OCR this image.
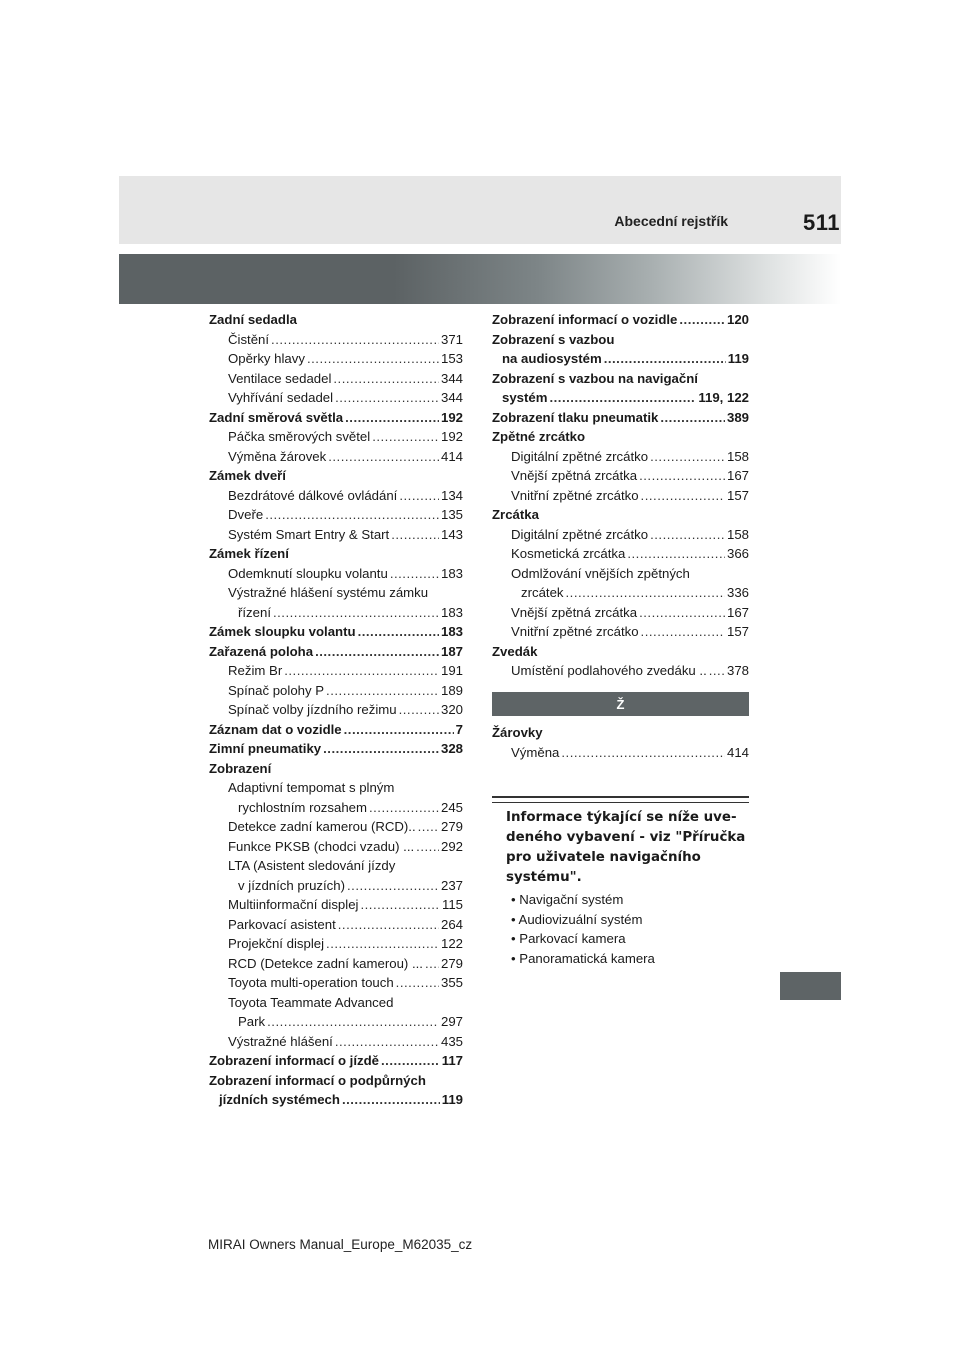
Abecední rejstřík	511
Zadní sedadla
Čistění .....	371
Opěrky hlavy .....	153
Ventilace sedadel .....	344
Vyhřívání sedadel .....	344
Zadní směrová světla .....	192
Páčka směrových světel .....	192
Výměna žárovek .....	414
Zámek dveří
Bezdrátové dálkové ovládání .....	134
Dveře .....	135
Systém Smart Entry & Start .....	143
Zámek řízení
Odemknutí sloupku volantu .....	183
Výstražné hlášení systému zámku
řízení .....	183
Zámek sloupku volantu .....	183
Zařazená poloha .....	187
Režim Br .....	191
Spínač polohy P .....	189
Spínač volby jízdního režimu .....	320
Záznam dat o vozidle .....	7
Zimní pneumatiky .....	328
Zobrazení
Adaptivní tempomat s plným
rychlostním rozsahem .....	245
Detekce zadní kamerou (RCD).. ..... 279
Funkce PKSB (chodci vzadu) ... ..... 292
LTA (Asistent sledování jízdy
v jízdních pruzích) .....	237
Multiinformační displej .....	115
Parkovací asistent .....	264
Projekční displej .....	122
RCD (Detekce zadní kamerou) ... ..... 279
Toyota multi-operation touch .....	355
Toyota Teammate Advanced
Park .....	297
Výstražné hlášení .....	435
Zobrazení informací o jízdě .....	117
Zobrazení informací o podpůrných
jízdních systémech .....	119
Zobrazení informací o vozidle .....	120
Zobrazení s vazbou
na audiosystém .....	119
Zobrazení s vazbou na navigační
systém .....	119, 122
Zobrazení tlaku pneumatik .....	389
Zpětné zrcátko
Digitální zpětné zrcátko .....	158
Vnější zpětná zrcátka .....	167
Vnitřní zpětné zrcátko .....	157
Zrcátka
Digitální zpětné zrcátko .....	158
Kosmetická zrcátka .....	366
Odmlžování vnějších zpětných
zrcátek .....	336
Vnější zpětná zrcátka .....	167
Vnitřní zpětné zrcátko .....	157
Zvedák
Umístění podlahového zvedáku .. ..... 378
Ž
Žárovky
Výměna .....	414

Informace týkající se níže uve-
deného vybavení - viz "Příručka
pro uživatele navigačního
systému".

• Navigační systém
• Audiovizuální systém
• Parkovací kamera
• Panoramatická kamera
MIRAI Owners Manual_Europe_M62035_cz
